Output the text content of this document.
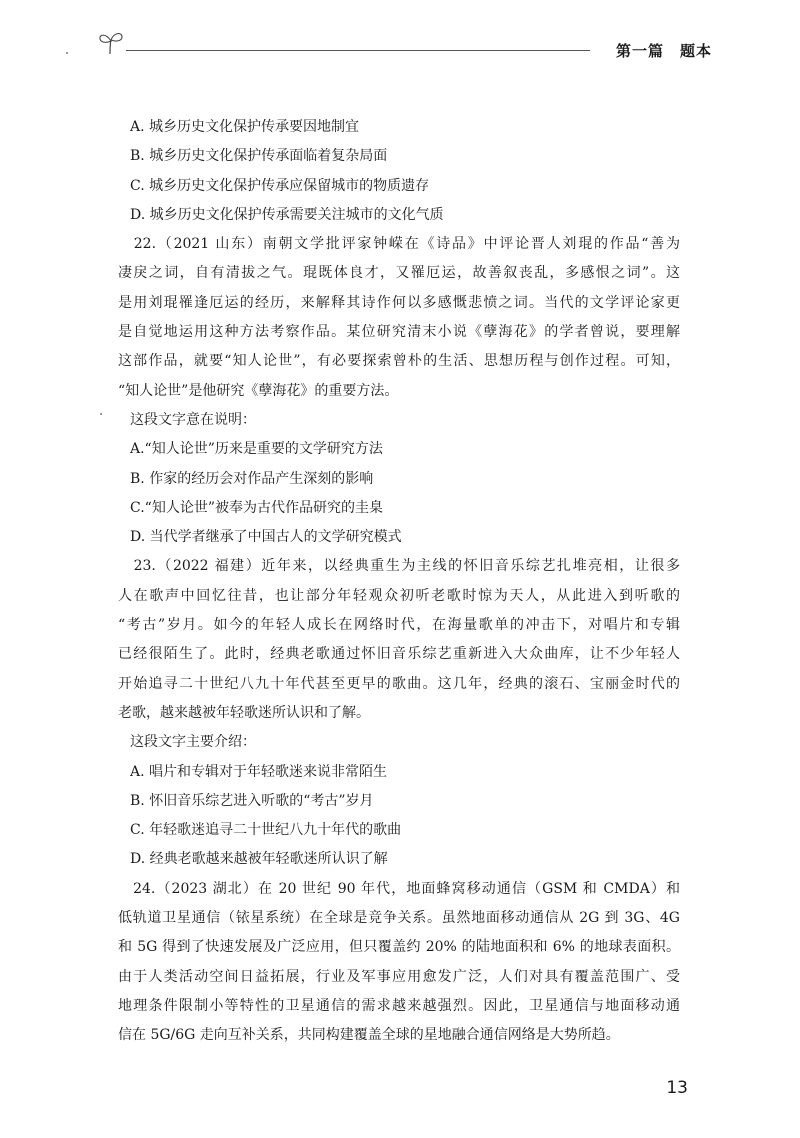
第一篇　题本
A. 城乡历史文化保护传承要因地制宜
B. 城乡历史文化保护传承面临着复杂局面
C. 城乡历史文化保护传承应保留城市的物质遗存
D. 城乡历史文化保护传承需要关注城市的文化气质
　22.（2021 山东）南朝文学批评家钟嵘在《诗品》中评论晋人刘琨的作品“善为
凄戾之词，自有清拔之气。琨既体良才，又罹厄运，故善叙丧乱，多感恨之词”。这
是用刘琨罹逢厄运的经历，来解释其诗作何以多感慨悲愤之词。当代的文学评论家更
是自觉地运用这种方法考察作品。某位研究清末小说《孽海花》的学者曾说，要理解
这部作品，就要“知人论世”，有必要探索曾朴的生活、思想历程与创作过程。可知，
“知人论世”是他研究《孽海花》的重要方法。
这段文字意在说明：
A.“知人论世”历来是重要的文学研究方法
B. 作家的经历会对作品产生深刻的影响
C.“知人论世”被奉为古代作品研究的圭臬
D. 当代学者继承了中国古人的文学研究模式
　23.（2022 福建）近年来，以经典重生为主线的怀旧音乐综艺扎堆亮相，让很多
人在歌声中回忆往昔，也让部分年轻观众初听老歌时惊为天人，从此进入到听歌的
“考古”岁月。如今的年轻人成长在网络时代，在海量歌单的冲击下，对唱片和专辑
已经很陌生了。此时，经典老歌通过怀旧音乐综艺重新进入大众曲库，让不少年轻人
开始追寻二十世纪八九十年代甚至更早的歌曲。这几年，经典的滚石、宝丽金时代的
老歌，越来越被年轻歌迷所认识和了解。
这段文字主要介绍：
A. 唱片和专辑对于年轻歌迷来说非常陌生
B. 怀旧音乐综艺进入听歌的“考古”岁月
C. 年轻歌迷追寻二十世纪八九十年代的歌曲
D. 经典老歌越来越被年轻歌迷所认识了解
　24.（2023 湖北）在 20 世纪 90 年代，地面蜂窝移动通信（GSM 和 CMDA）和
低轨道卫星通信（铱星系统）在全球是竞争关系。虽然地面移动通信从 2G 到 3G、4G
和 5G 得到了快速发展及广泛应用，但只覆盖约 20% 的陆地面积和 6% 的地球表面积。
由于人类活动空间日益拓展，行业及军事应用愈发广泛，人们对具有覆盖范围广、受
地理条件限制小等特性的卫星通信的需求越来越强烈。因此，卫星通信与地面移动通
信在 5G/6G 走向互补关系，共同构建覆盖全球的星地融合通信网络是大势所趋。
13
